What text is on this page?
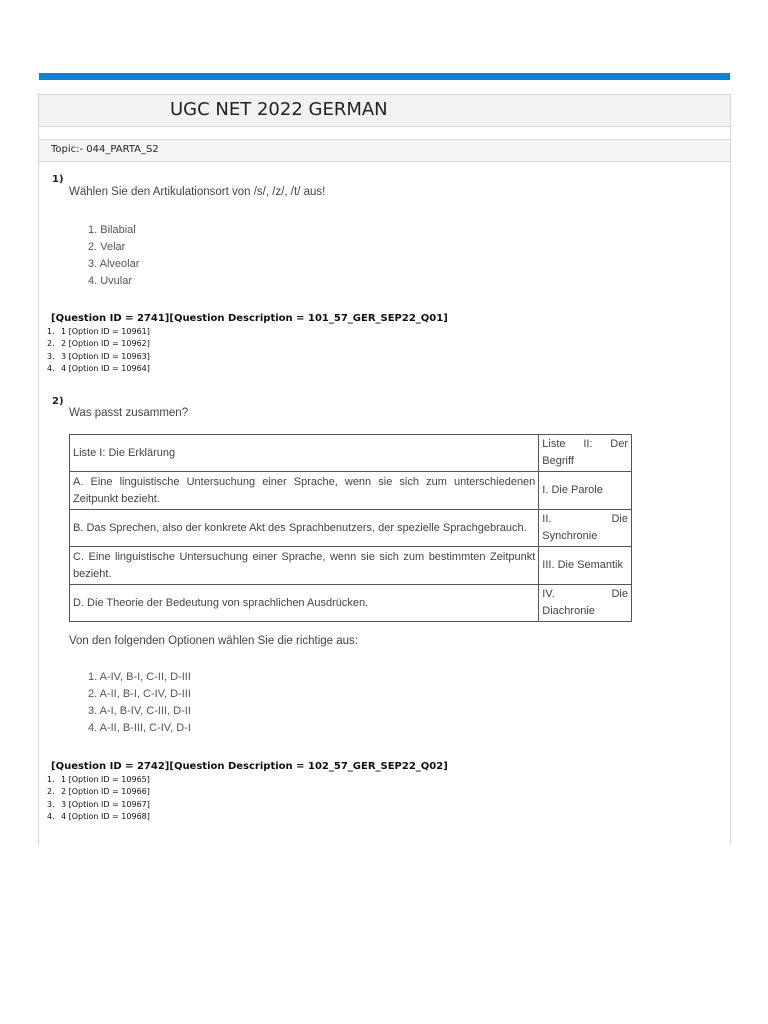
UGC NET 2022 GERMAN
Topic:- 044_PARTA_S2
1)
Wählen Sie den Artikulationsort von /s/, /z/, /t/ aus!
1. Bilabial
2. Velar
3. Alveolar
4. Uvular
[Question ID = 2741][Question Description = 101_57_GER_SEP22_Q01]
1. 1 [Option ID = 10961]
2. 2 [Option ID = 10962]
3. 3 [Option ID = 10963]
4. 4 [Option ID = 10964]
2)
Was passt zusammen?
Liste I: Die Erklärung	Liste II: Der Begriff
A. Eine linguistische Untersuchung einer Sprache, wenn sie sich zum unterschiedenen Zeitpunkt bezieht.	I. Die Parole
B. Das Sprechen, also der konkrete Akt des Sprachbenutzers, der spezielle Sprachgebrauch.	II. Die Synchronie
C. Eine linguistische Untersuchung einer Sprache, wenn sie sich zum bestimmten Zeitpunkt bezieht.	III. Die Semantik
D. Die Theorie der Bedeutung von sprachlichen Ausdrücken.	IV. Die Diachronie
Von den folgenden Optionen wählen Sie die richtige aus:
1. A-IV, B-I, C-II, D-III
2. A-II, B-I, C-IV, D-III
3. A-I, B-IV, C-III, D-II
4. A-II, B-III, C-IV, D-I
[Question ID = 2742][Question Description = 102_57_GER_SEP22_Q02]
1. 1 [Option ID = 10965]
2. 2 [Option ID = 10966]
3. 3 [Option ID = 10967]
4. 4 [Option ID = 10968]
